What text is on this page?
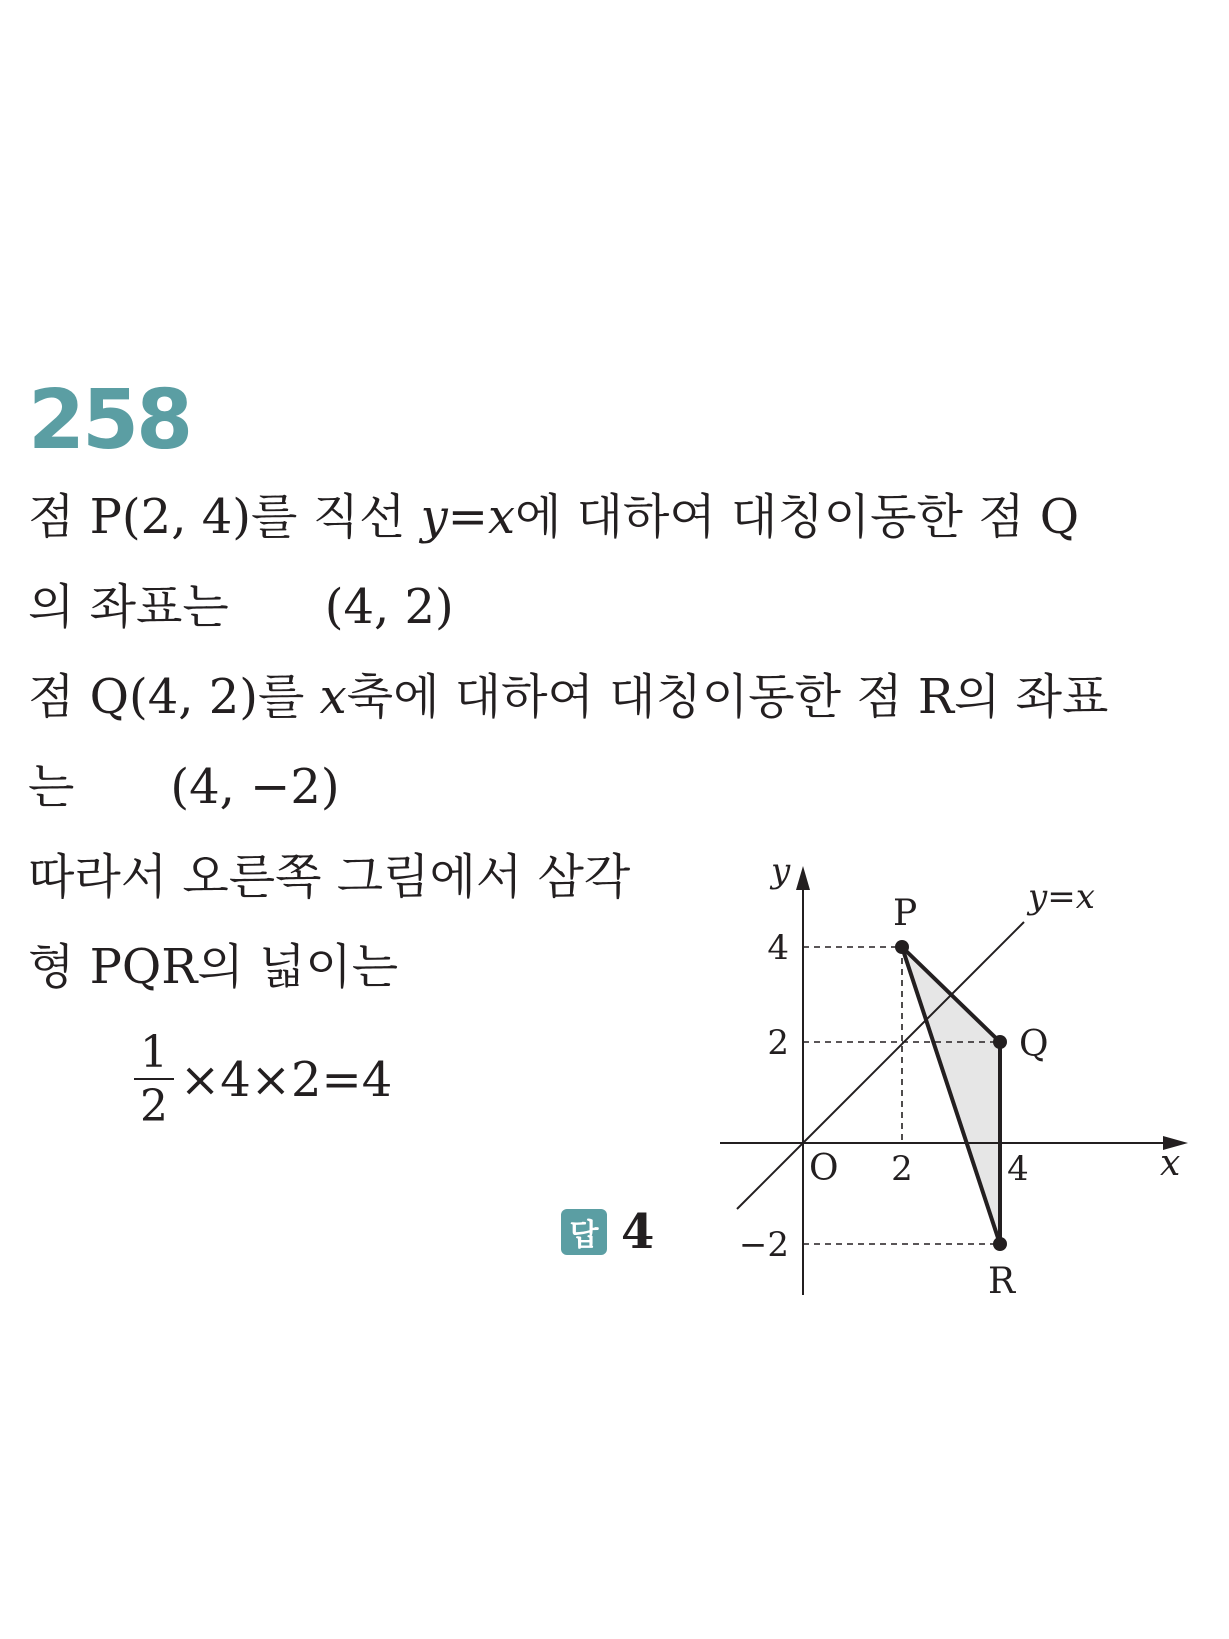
258
점 P(2, 4)를 직선 y=x에 대하여 대칭이동한 점 Q
의 좌표는 (4, 2)
점 Q(4, 2)를 x축에 대하여 대칭이동한 점 R의 좌표
는 (4, −2)
따라서 오른쪽 그림에서 삼각
형 PQR의 넓이는
$\frac{1}{2} \times 4\times 2=4$
답 4
P
Q
R
x
y
O
y=x
2	4
4
2
−2
